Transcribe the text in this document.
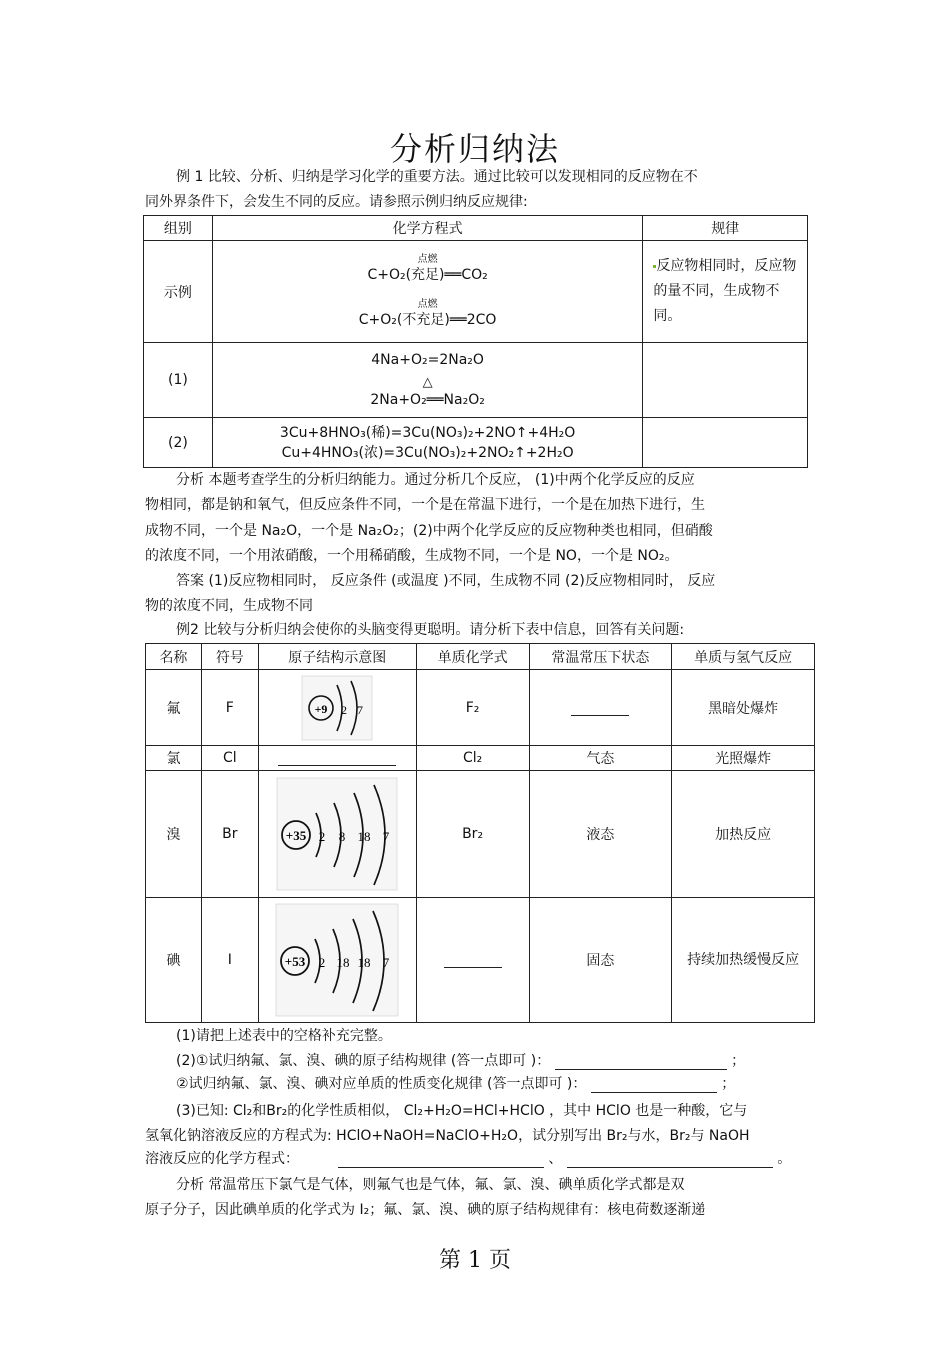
分析归纳法
例 1 比较、分析、归纳是学习化学的重要方法。通过比较可以发现相同的反应物在不
同外界条件下，会发生不同的反应。请参照示例归纳反应规律:
组别	化学方程式	规律
示例	点燃
C+O₂(充足)══CO₂
点燃
C+O₂(不充足)══2CO	反应物相同时，反应物的量不同，生成物不同。
(1)	4Na+O₂=2Na₂O
△
2Na+O₂══Na₂O₂	

(2)	3Cu+8HNO₃(稀)=3Cu(NO₃)₂+2NO↑+4H₂O
Cu+4HNO₃(浓)=3Cu(NO₃)₂+2NO₂↑+2H₂O	

分析 本题考查学生的分析归纳能力。通过分析几个反应， (1)中两个化学反应的反应
物相同，都是钠和氧气，但反应条件不同，一个是在常温下进行，一个是在加热下进行，生
成物不同，一个是 Na₂O，一个是 Na₂O₂；(2)中两个化学反应的反应物种类也相同，但硝酸
的浓度不同，一个用浓硝酸，一个用稀硝酸，生成物不同，一个是 NO，一个是 NO₂。
答案 (1)反应物相同时， 反应条件 (或温度 )不同，生成物不同 (2)反应物相同时， 反应
物的浓度不同，生成物不同
例2 比较与分析归纳会使你的头脑变得更聪明。请分析下表中信息，回答有关问题:
名称	符号	原子结构示意图	单质化学式	常温常压下状态	单质与氢气反应
氟	F	+9 2 7	F₂		黑暗处爆炸
氯	Cl		Cl₂	气态	光照爆炸
溴	Br	+35 2 8 18 7	Br₂	液态	加热反应
碘	I	+53 2 18 18 7		固态	持续加热缓慢反应
(1)请把上述表中的空格补充完整。
(2)①试归纳氟、氯、溴、碘的原子结构规律 (答一点即可 )：	；
②试归纳氟、氯、溴、碘对应单质的性质变化规律 (答一点即可 )：	；
(3)已知: Cl₂和Br₂的化学性质相似， Cl₂+H₂O=HCl+HClO ，其中 HClO 也是一种酸，它与
氢氧化钠溶液反应的方程式为: HClO+NaOH=NaClO+H₂O，试分别写出 Br₂与水，Br₂与 NaOH
溶液反应的化学方程式：	、	。
分析 常温常压下氯气是气体，则氟气也是气体，氟、氯、溴、碘单质化学式都是双
原子分子，因此碘单质的化学式为 I₂；氟、氯、溴、碘的原子结构规律有：核电荷数逐渐递
第 1 页
